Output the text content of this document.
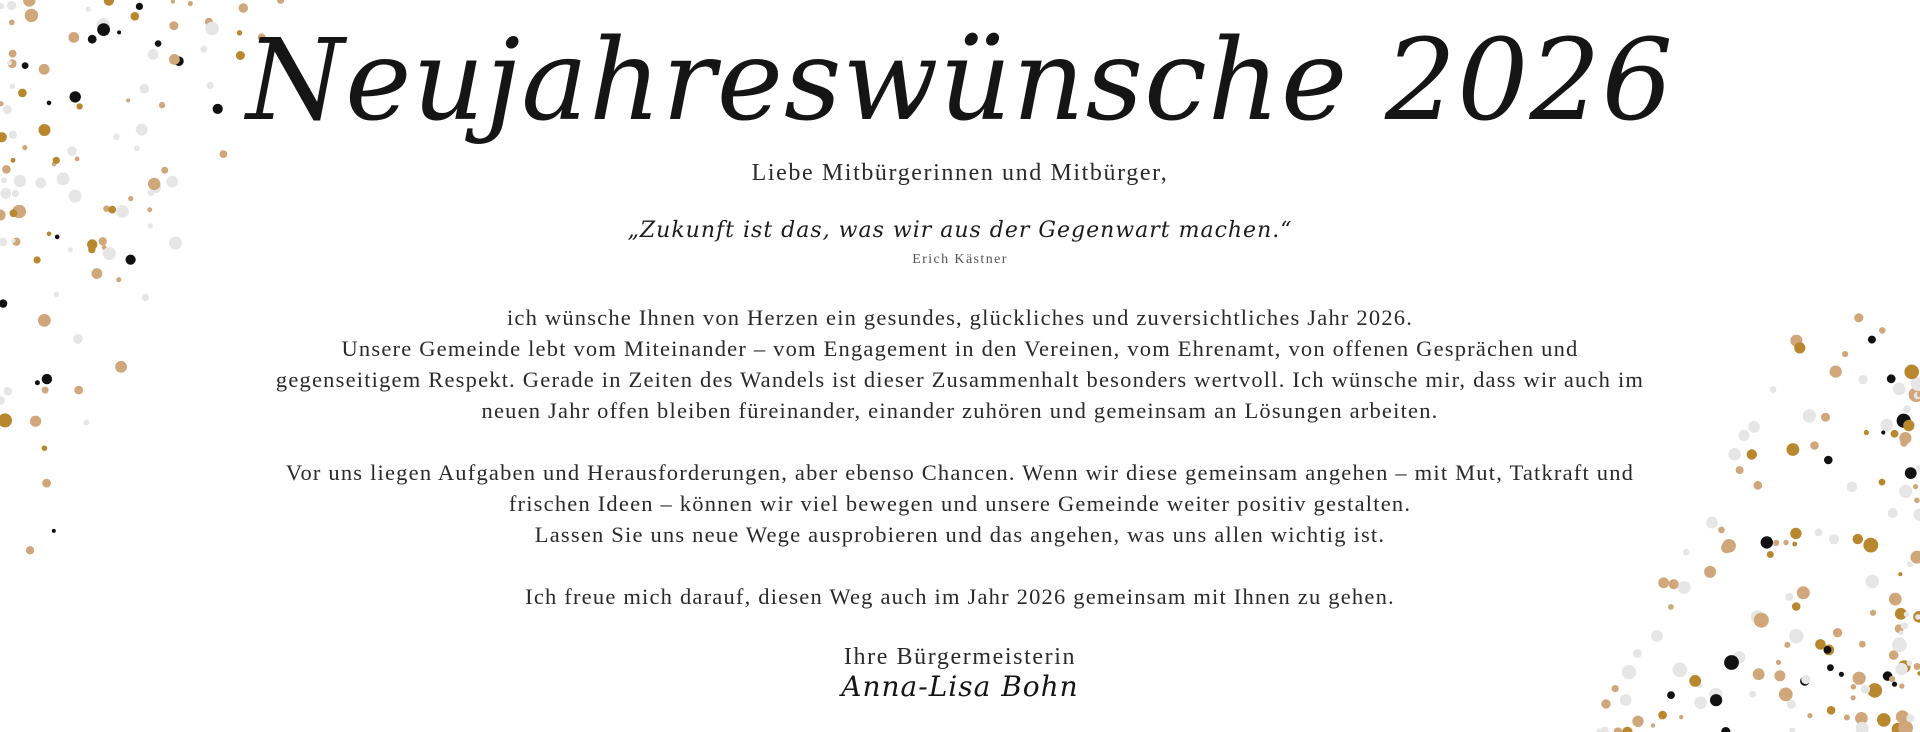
Neujahreswünsche 2026
Liebe Mitbürgerinnen und Mitbürger,
„Zukunft ist das, was wir aus der Gegenwart machen.“
Erich Kästner

ich wünsche Ihnen von Herzen ein gesundes, glückliches und zuversichtliches Jahr 2026.
Unsere Gemeinde lebt vom Miteinander – vom Engagement in den Vereinen, vom Ehrenamt, von offenen Gesprächen und
gegenseitigem Respekt. Gerade in Zeiten des Wandels ist dieser Zusammenhalt besonders wertvoll. Ich wünsche mir, dass wir auch im
neuen Jahr offen bleiben füreinander, einander zuhören und gemeinsam an Lösungen arbeiten.

Vor uns liegen Aufgaben und Herausforderungen, aber ebenso Chancen. Wenn wir diese gemeinsam angehen – mit Mut, Tatkraft und
frischen Ideen – können wir viel bewegen und unsere Gemeinde weiter positiv gestalten.
Lassen Sie uns neue Wege ausprobieren und das angehen, was uns allen wichtig ist.

Ich freue mich darauf, diesen Weg auch im Jahr 2026 gemeinsam mit Ihnen zu gehen.

Ihre Bürgermeisterin
Anna-Lisa Bohn
